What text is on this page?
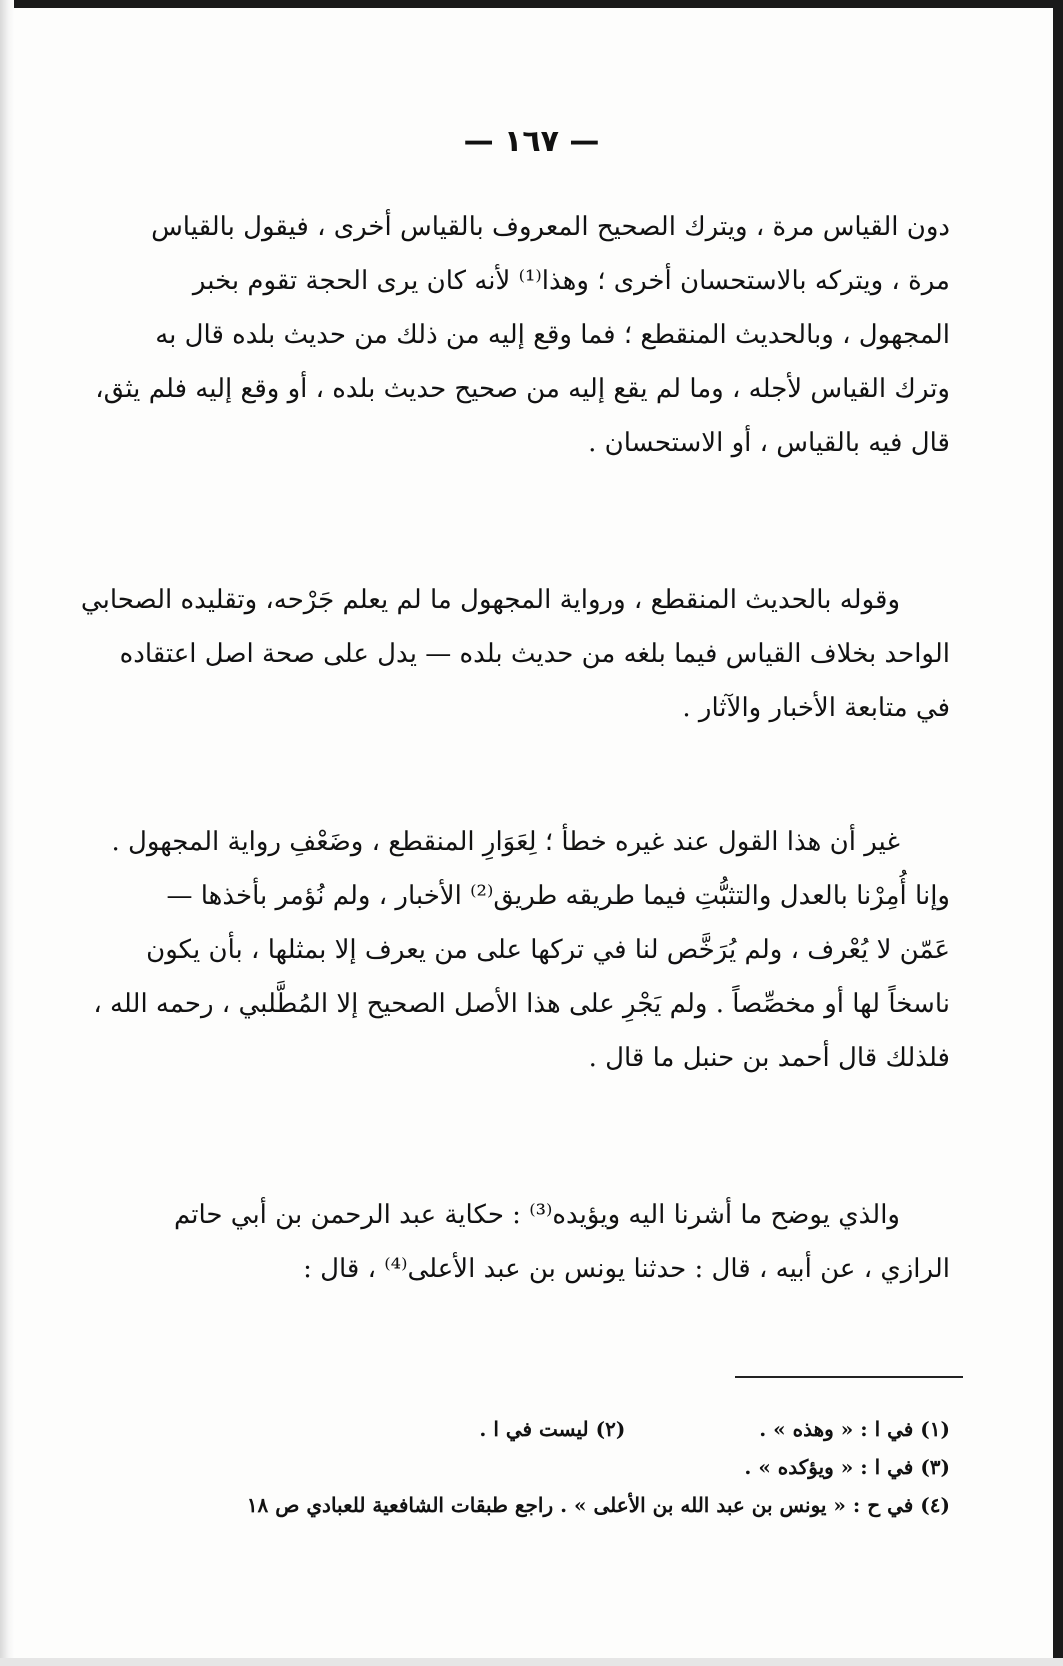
— ١٦٧ —
دون القياس مرة ، ويترك الصحيح المعروف بالقياس أخرى ، فيقول بالقياس
مرة ، ويتركه بالاستحسان أخرى ؛ وهذا⁽¹⁾ لأنه كان يرى الحجة تقوم بخبر
المجهول ، وبالحديث المنقطع ؛ فما وقع إليه من ذلك من حديث بلده قال به
وترك القياس لأجله ، وما لم يقع إليه من صحيح حديث بلده ، أو وقع إليه فلم يثق،
قال فيه بالقياس ، أو الاستحسان .
وقوله بالحديث المنقطع ، ورواية المجهول ما لم يعلم جَرْحه، وتقليده الصحابي
الواحد بخلاف القياس فيما بلغه من حديث بلده — يدل على صحة اصل اعتقاده
في متابعة الأخبار والآثار .
غير أن هذا القول عند غيره خطأ ؛ لِعَوَارِ المنقطع ، وضَعْفِ رواية المجهول .
وإنا أُمِرْنا بالعدل والتثبُّتِ فيما طريقه طريق⁽²⁾ الأخبار ، ولم نُؤمر بأخذها —
عَمّن لا يُعْرف ، ولم يُرَخَّص لنا في تركها على من يعرف إلا بمثلها ، بأن يكون
ناسخاً لها أو مخصِّصاً . ولم يَجْرِ على هذا الأصل الصحيح إلا المُطَّلبي ، رحمه الله ،
فلذلك قال أحمد بن حنبل ما قال .
والذي يوضح ما أشرنا اليه ويؤيده⁽³⁾ : حكاية عبد الرحمن بن أبي حاتم
الرازي ، عن أبيه ، قال : حدثنا يونس بن عبد الأعلى⁽⁴⁾ ، قال :
(١) في ا : « وهذه » .  (٢) ليست في ا .
(٣) في ا : « ويؤكده » .
(٤) في ح : « يونس بن عبد الله بن الأعلى » . راجع طبقات الشافعية للعبادي ص ١٨
